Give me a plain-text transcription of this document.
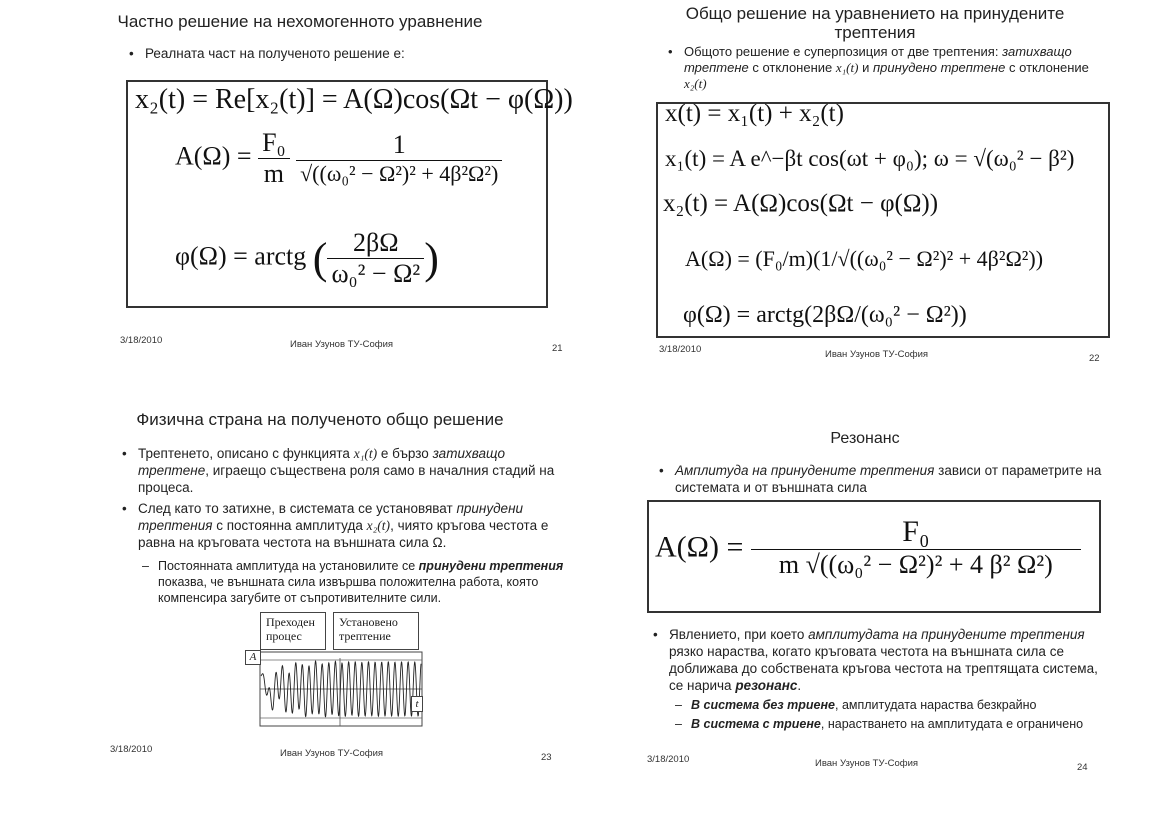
Частно решение на нехомогенното уравнение
• Реалната част на полученото решение е:
x₂(t) = Re[x₂(t)] = A(Ω)cos(Ωt − φ(Ω))
$A(\Omega) = \frac{\text{F₀}}{m}$
$\frac{1}{\text{√((ω₀² − Ω²)² + 4β²Ω²)}}$
φ(Ω) = arctg ( $\frac{2\beta\Omega}{\text{ω₀² − Ω²}}$ )
3/18/2010	Иван Узунов ТУ-София	21
Общо решение на уравнението на принудените
трептения
• Общото решение е суперпозиция от две трептения: затихващо трептене с отклонение x₁(t) и принудено трептене с отклонение x₂(t)
x(t) = x₁(t) + x₂(t)
x₁(t) = A e^−βt cos(ωt + φ₀); ω = √(ω₀² − β²)
x₂(t) = A(Ω)cos(Ωt − φ(Ω))
A(Ω) = (F₀/m)(1/√((ω₀² − Ω²)² + 4β²Ω²))
φ(Ω) = arctg(2βΩ/(ω₀² − Ω²))
3/18/2010	Иван Узунов ТУ-София	22
Физична страна на полученото общо решение
• Трептенето, описано с функцията x₁(t) е бързо затихващо трептене, играещо съществена роля само в началния стадий на процеса.
• След като то затихне, в системата се установяват принудени трептения с постоянна амплитуда x₂(t), чиято кръгова честота е равна на кръговата честота на външната сила Ω.
– Постоянната амплитуда на установилите се принудени трептения показва, че външната сила извършва положителна работа, която компенсира загубите от съпротивителните сили.
Преходен процес
Установено трептение
A
t
3/18/2010	Иван Узунов ТУ-София	23
Резонанс
• Амплитуда на принудените трептения зависи от параметрите на системата и от външната сила
$A(\Omega) = \frac{\text{F₀}}{\text{m √((ω₀² − Ω²)² + 4 β² Ω²)}}$
• Явлението, при което амплитудата на принудените трептения рязко нараства, когато кръговата честота на външната сила се доближава до собствената кръгова честота на трептящата система, се нарича резонанс.
– В система без триене, амплитудата нараства безкрайно
– В система с триене, нарастването на амплитудата е ограничено
3/18/2010	Иван Узунов ТУ-София	24
